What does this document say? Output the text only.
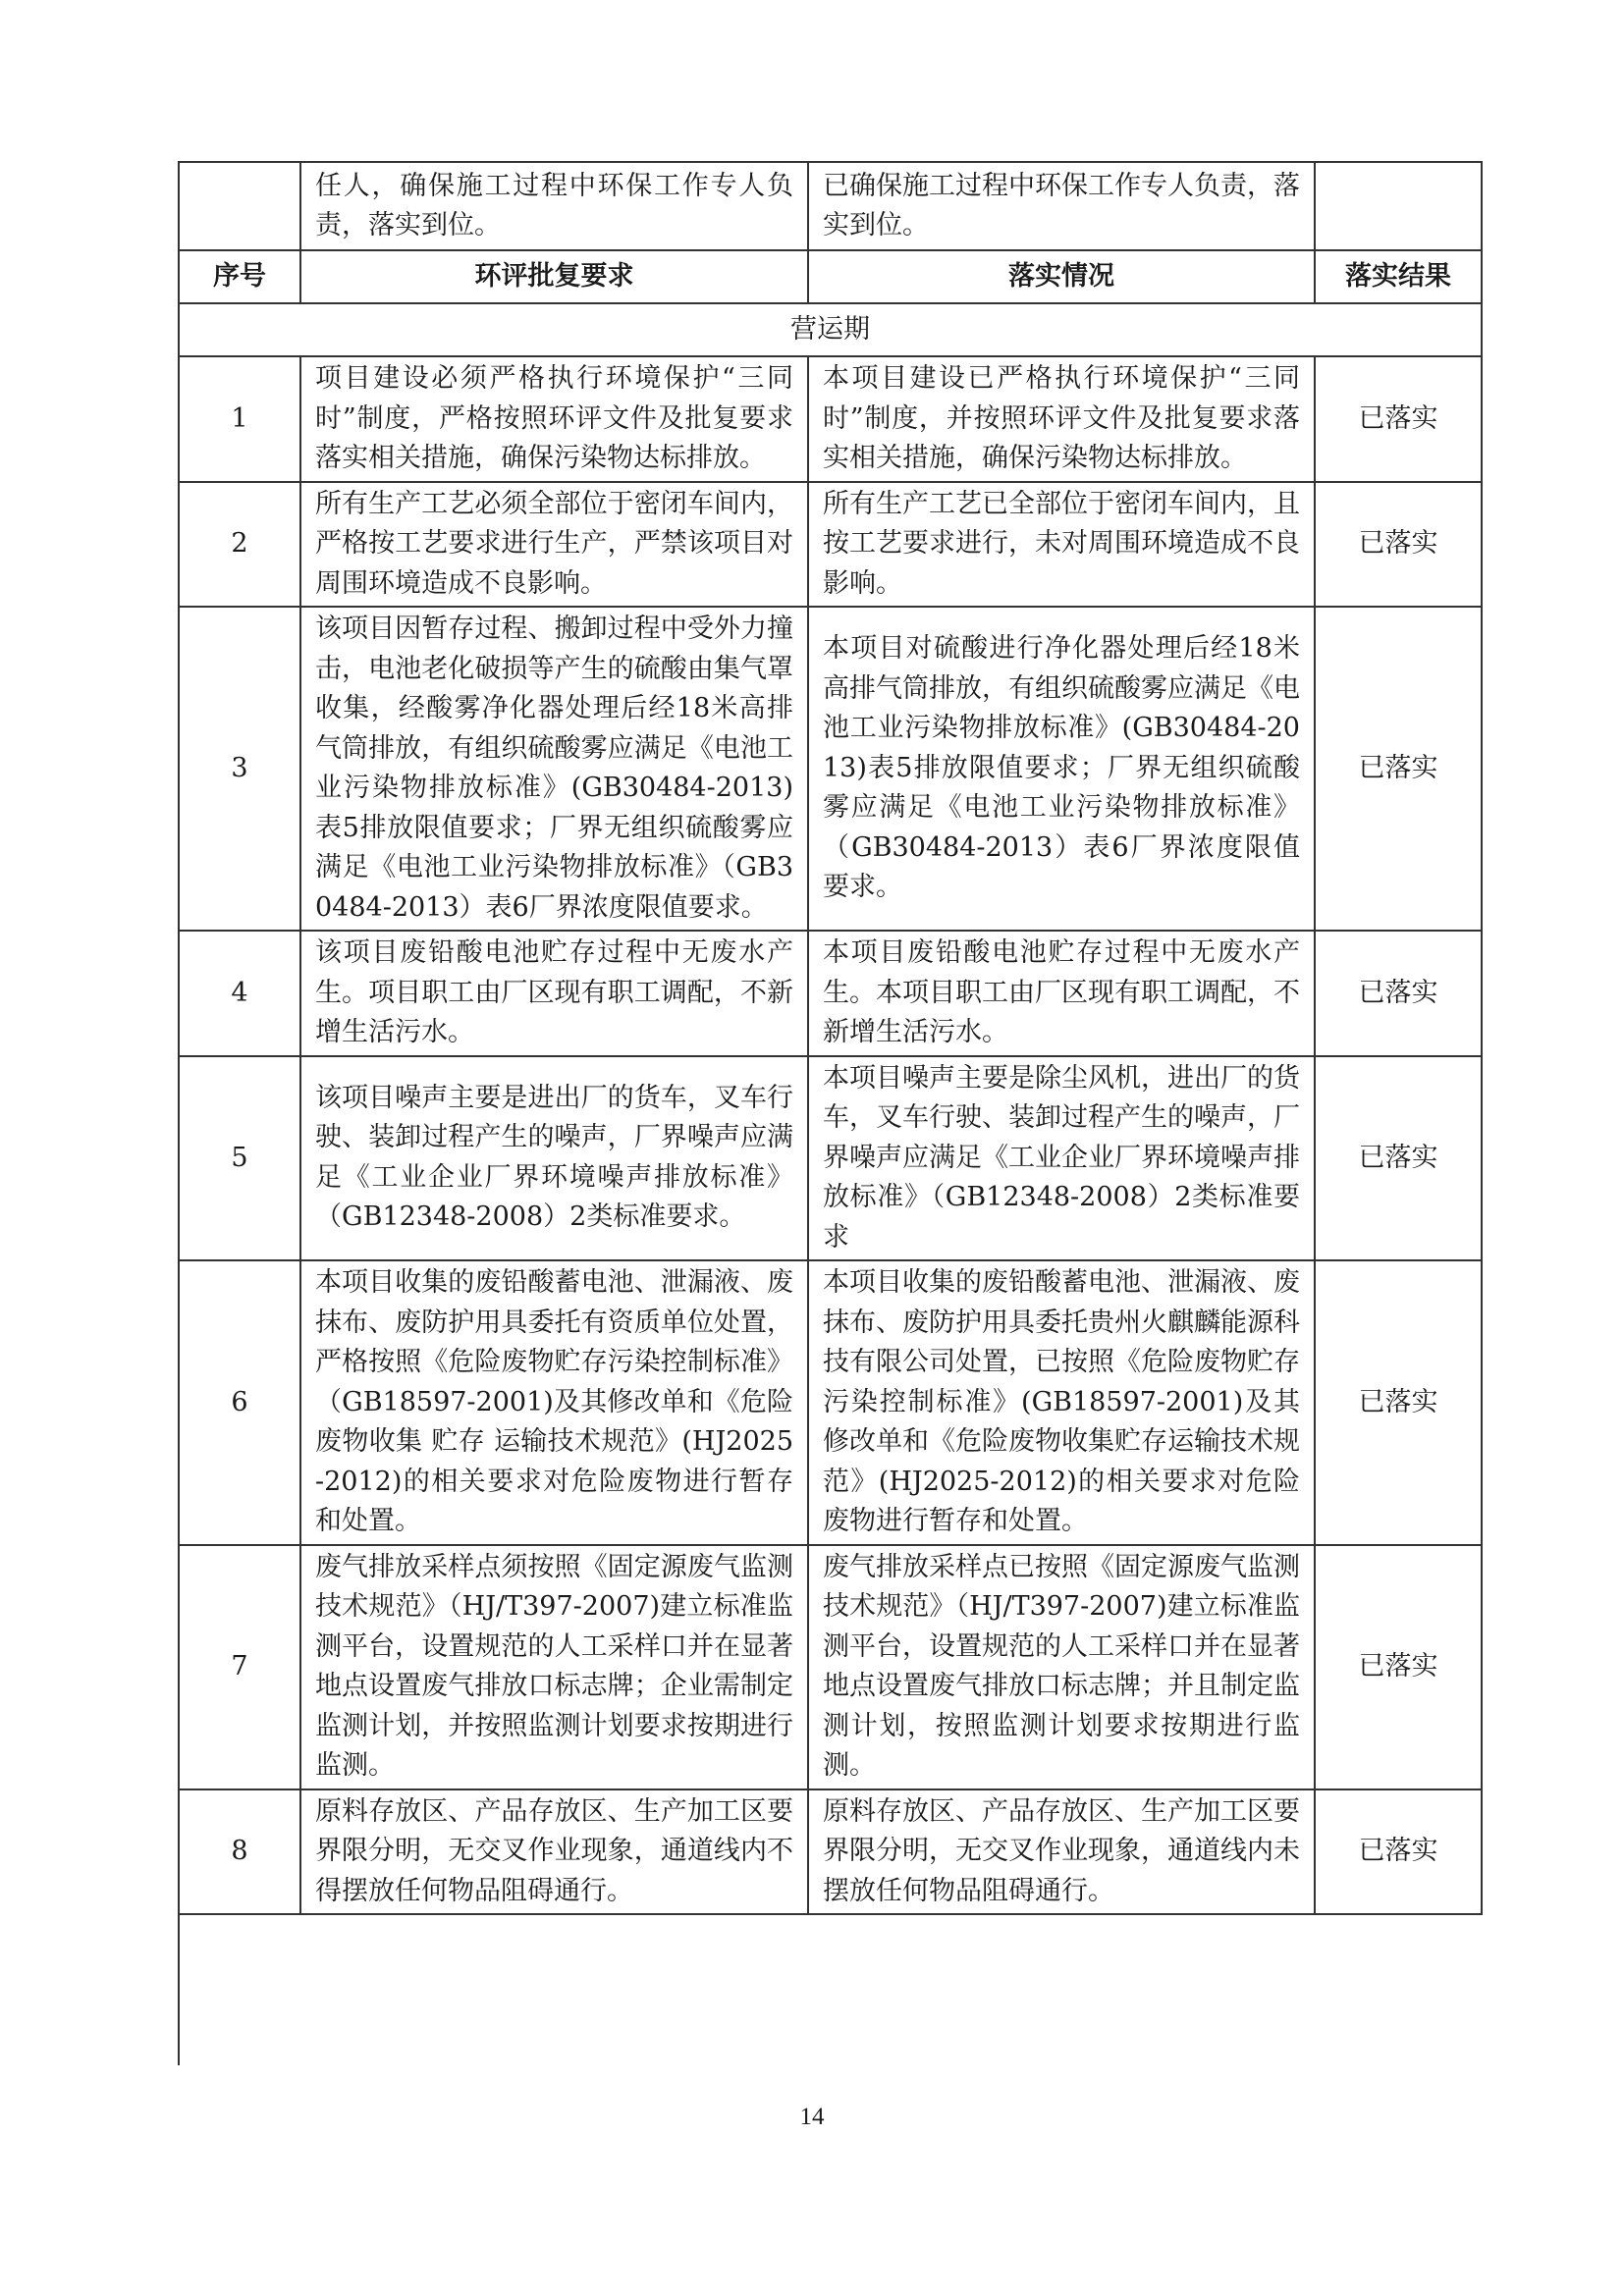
	任人，确保施工过程中环保工作专人负责，落实到位。	已确保施工过程中环保工作专人负责，落实到位。	
序号	环评批复要求	落实情况	落实结果
营运期			
1	项目建设必须严格执行环境保护“三同时”制度，严格按照环评文件及批复要求落实相关措施，确保污染物达标排放。	本项目建设已严格执行环境保护“三同时”制度，并按照环评文件及批复要求落实相关措施，确保污染物达标排放。	已落实
2	所有生产工艺必须全部位于密闭车间内，严格按工艺要求进行生产，严禁该项目对周围环境造成不良影响。	所有生产工艺已全部位于密闭车间内，且按工艺要求进行，未对周围环境造成不良影响。	已落实
3	该项目因暂存过程、搬卸过程中受外力撞击，电池老化破损等产生的硫酸由集气罩收集，经酸雾净化器处理后经18米高排气筒排放，有组织硫酸雾应满足《电池工业污染物排放标准》(GB30484-2013)表5排放限值要求；厂界无组织硫酸雾应满足《电池工业污染物排放标准》（GB30484-2013）表6厂界浓度限值要求。	本项目对硫酸进行净化器处理后经18米高排气筒排放，有组织硫酸雾应满足《电池工业污染物排放标准》(GB30484-2013)表5排放限值要求；厂界无组织硫酸雾应满足《电池工业污染物排放标准》（GB30484-2013）表6厂界浓度限值要求。	已落实
4	该项目废铅酸电池贮存过程中无废水产生。项目职工由厂区现有职工调配，不新增生活污水。	本项目废铅酸电池贮存过程中无废水产生。本项目职工由厂区现有职工调配，不新增生活污水。	已落实
5	该项目噪声主要是进出厂的货车，叉车行驶、装卸过程产生的噪声，厂界噪声应满足《工业企业厂界环境噪声排放标准》（GB12348-2008）2类标准要求。	本项目噪声主要是除尘风机，进出厂的货车，叉车行驶、装卸过程产生的噪声，厂界噪声应满足《工业企业厂界环境噪声排放标准》（GB12348-2008）2类标准要求	已落实
6	本项目收集的废铅酸蓄电池、泄漏液、废抹布、废防护用具委托有资质单位处置，严格按照《危险废物贮存污染控制标准》（GB18597-2001)及其修改单和《危险废物收集 贮存 运输技术规范》(HJ2025-2012)的相关要求对危险废物进行暂存和处置。	本项目收集的废铅酸蓄电池、泄漏液、废抹布、废防护用具委托贵州火麒麟能源科技有限公司处置，已按照《危险废物贮存污染控制标准》(GB18597-2001)及其修改单和《危险废物收集贮存运输技术规范》(HJ2025-2012)的相关要求对危险废物进行暂存和处置。	已落实
7	废气排放采样点须按照《固定源废气监测技术规范》（HJ/T397-2007)建立标准监测平台，设置规范的人工采样口并在显著地点设置废气排放口标志牌；企业需制定监测计划，并按照监测计划要求按期进行监测。	废气排放采样点已按照《固定源废气监测技术规范》（HJ/T397-2007)建立标准监测平台，设置规范的人工采样口并在显著地点设置废气排放口标志牌；并且制定监测计划，按照监测计划要求按期进行监测。	已落实
8	原料存放区、产品存放区、生产加工区要界限分明，无交叉作业现象，通道线内不得摆放任何物品阻碍通行。	原料存放区、产品存放区、生产加工区要界限分明，无交叉作业现象，通道线内未摆放任何物品阻碍通行。	已落实
14
